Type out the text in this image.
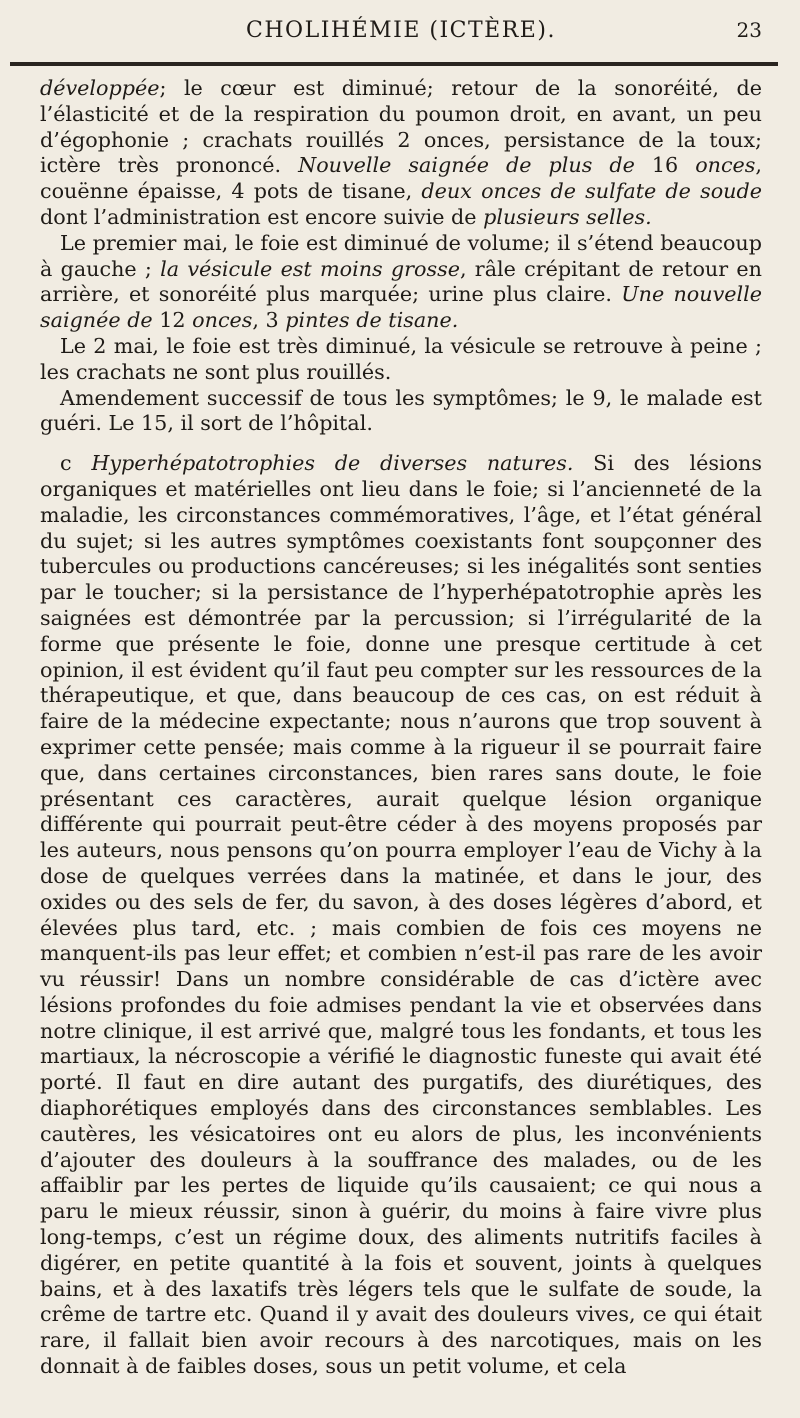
CHOLIHÉMIE (ICTÈRE).	23

développée; le cœur est diminué; retour de la sonoréité, de l’élasticité et de la respiration du poumon droit, en avant, un peu d’égophonie ; crachats rouillés 2 onces, persistance de la toux; ictère très prononcé. Nouvelle saignée de plus de 16 onces, couënne épaisse, 4 pots de tisane, deux onces de sulfate de soude dont l’administration est encore suivie de plusieurs selles.

Le premier mai, le foie est diminué de volume; il s’étend beaucoup à gauche ; la vésicule est moins grosse, râle crépitant de retour en arrière, et sonoréité plus marquée; urine plus claire. Une nouvelle saignée de 12 onces, 3 pintes de tisane.

Le 2 mai, le foie est très diminué, la vésicule se retrouve à peine ; les crachats ne sont plus rouillés.

Amendement successif de tous les symptômes; le 9, le malade est guéri. Le 15, il sort de l’hôpital.

c Hyperhépatotrophies de diverses natures. Si des lésions organiques et matérielles ont lieu dans le foie; si l’ancienneté de la maladie, les circonstances commémoratives, l’âge, et l’état général du sujet; si les autres symptômes coexistants font soupçonner des tubercules ou productions cancéreuses; si les inégalités sont senties par le toucher; si la persistance de l’hyperhépatotrophie après les saignées est démontrée par la percussion; si l’irrégularité de la forme que présente le foie, donne une presque certitude à cet opinion, il est évident qu’il faut peu compter sur les ressources de la thérapeutique, et que, dans beaucoup de ces cas, on est réduit à faire de la médecine expectante; nous n’aurons que trop souvent à exprimer cette pensée; mais comme à la rigueur il se pourrait faire que, dans certaines circonstances, bien rares sans doute, le foie présentant ces caractères, aurait quelque lésion organique différente qui pourrait peut-être céder à des moyens proposés par les auteurs, nous pensons qu’on pourra employer l’eau de Vichy à la dose de quelques verrées dans la matinée, et dans le jour, des oxides ou des sels de fer, du savon, à des doses légères d’abord, et élevées plus tard, etc. ; mais combien de fois ces moyens ne manquent-ils pas leur effet; et combien n’est-il pas rare de les avoir vu réussir! Dans un nombre considérable de cas d’ictère avec lésions profondes du foie admises pendant la vie et observées dans notre clinique, il est arrivé que, malgré tous les fondants, et tous les martiaux, la nécroscopie a vérifié le diagnostic funeste qui avait été porté. Il faut en dire autant des purgatifs, des diurétiques, des diaphorétiques employés dans des circonstances semblables. Les cautères, les vésicatoires ont eu alors de plus, les inconvénients d’ajouter des douleurs à la souffrance des malades, ou de les affaiblir par les pertes de liquide qu’ils causaient; ce qui nous a paru le mieux réussir, sinon à guérir, du moins à faire vivre plus long-temps, c’est un régime doux, des aliments nutritifs faciles à digérer, en petite quantité à la fois et souvent, joints à quelques bains, et à des laxatifs très légers tels que le sulfate de soude, la crême de tartre etc. Quand il y avait des douleurs vives, ce qui était rare, il fallait bien avoir recours à des narcotiques, mais on les donnait à de faibles doses, sous un petit volume, et cela
